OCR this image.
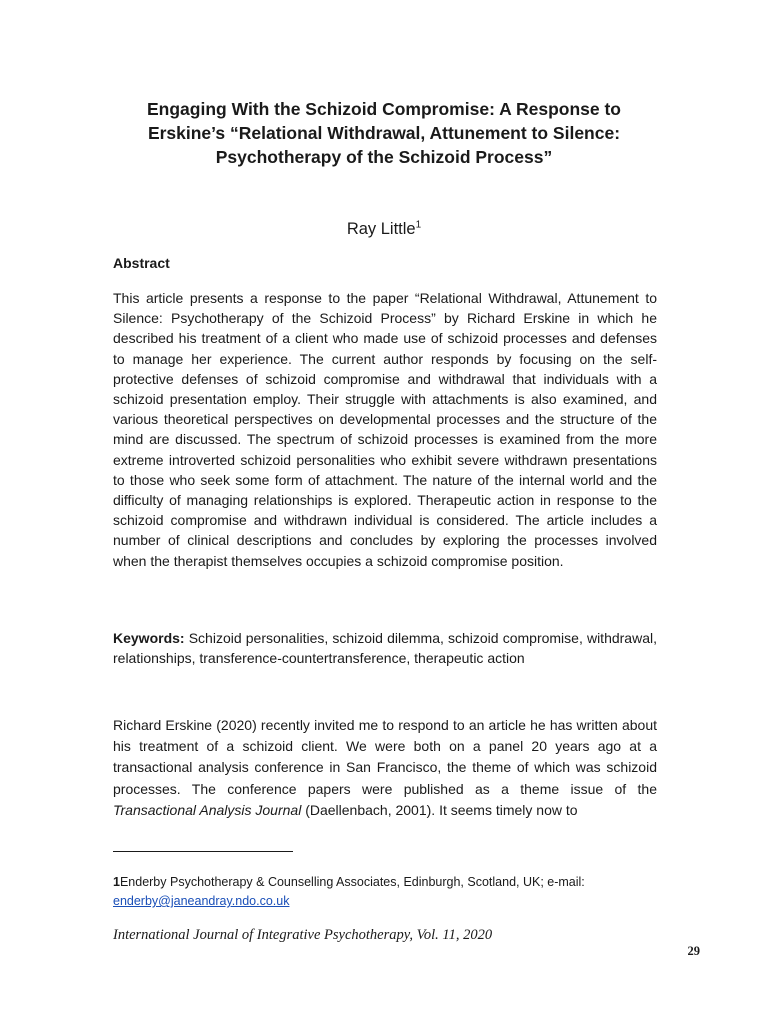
Engaging With the Schizoid Compromise: A Response to
Erskine’s “Relational Withdrawal, Attunement to Silence:
Psychotherapy of the Schizoid Process”

Ray Little$^1$

Abstract

This article presents a response to the paper “Relational Withdrawal, Attunement to Silence: Psychotherapy of the Schizoid Process” by Richard Erskine in which he described his treatment of a client who made use of schizoid processes and defenses to manage her experience. The current author responds by focusing on the self-protective defenses of schizoid compromise and withdrawal that individuals with a schizoid presentation employ. Their struggle with attachments is also examined, and various theoretical perspectives on developmental processes and the structure of the mind are discussed. The spectrum of schizoid processes is examined from the more extreme introverted schizoid personalities who exhibit severe withdrawn presentations to those who seek some form of attachment. The nature of the internal world and the difficulty of managing relationships is explored. Therapeutic action in response to the schizoid compromise and withdrawn individual is considered. The article includes a number of clinical descriptions and concludes by exploring the processes involved when the therapist themselves occupies a schizoid compromise position.

Keywords: Schizoid personalities, schizoid dilemma, schizoid compromise, withdrawal, relationships, transference-countertransference, therapeutic action

Richard Erskine (2020) recently invited me to respond to an article he has written about his treatment of a schizoid client. We were both on a panel 20 years ago at a transactional analysis conference in San Francisco, the theme of which was schizoid processes. The conference papers were published as a theme issue of the Transactional Analysis Journal (Daellenbach, 2001). It seems timely now to

1Enderby Psychotherapy & Counselling Associates, Edinburgh, Scotland, UK; e-mail:
enderby@janeandray.ndo.co.uk

International Journal of Integrative Psychotherapy, Vol. 11, 2020

29
